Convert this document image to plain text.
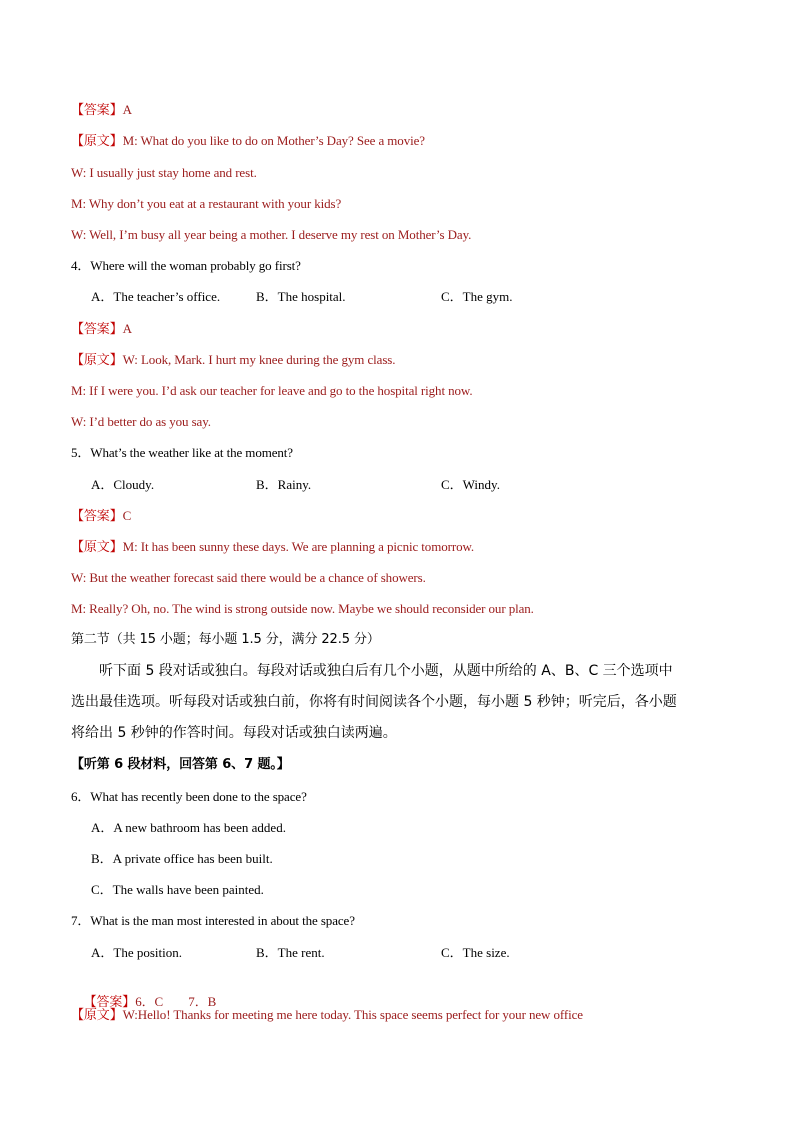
【答案】A
【原文】M: What do you like to do on Mother’s Day? See a movie?
W: I usually just stay home and rest.
M: Why don’t you eat at a restaurant with your kids?
W: Well, I’m busy all year being a mother. I deserve my rest on Mother’s Day.
4．Where will the woman probably go first?
A．The teacher’s office.	B．The hospital.	C．The gym.
【答案】A
【原文】W: Look, Mark. I hurt my knee during the gym class.
M: If I were you. I’d ask our teacher for leave and go to the hospital right now.
W: I’d better do as you say.
5．What’s the weather like at the moment?
A．Cloudy.	B．Rainy.	C．Windy.
【答案】C
【原文】M: It has been sunny these days. We are planning a picnic tomorrow.
W: But the weather forecast said there would be a chance of showers.
M: Really? Oh, no. The wind is strong outside now. Maybe we should reconsider our plan.
第二节（共 15 小题；每小题 1.5 分，满分 22.5 分）
听下面 5 段对话或独白。每段对话或独白后有几个小题，从题中所给的 A、B、C 三个选项中选出最佳选项。听每段对话或独白前，你将有时间阅读各个小题，每小题 5 秒钟；听完后，各小题将给出 5 秒钟的作答时间。每段对话或独白读两遍。
【听第 6 段材料，回答第 6、7 题。】
6．What has recently been done to the space?
A．A new bathroom has been added.
B．A private office has been built.
C．The walls have been painted.
7．What is the man most interested in about the space?
A．The position.	B．The rent.	C．The size.

【答案】6．C        7．B

【原文】W:Hello! Thanks for meeting me here today. This space seems perfect for your new office
